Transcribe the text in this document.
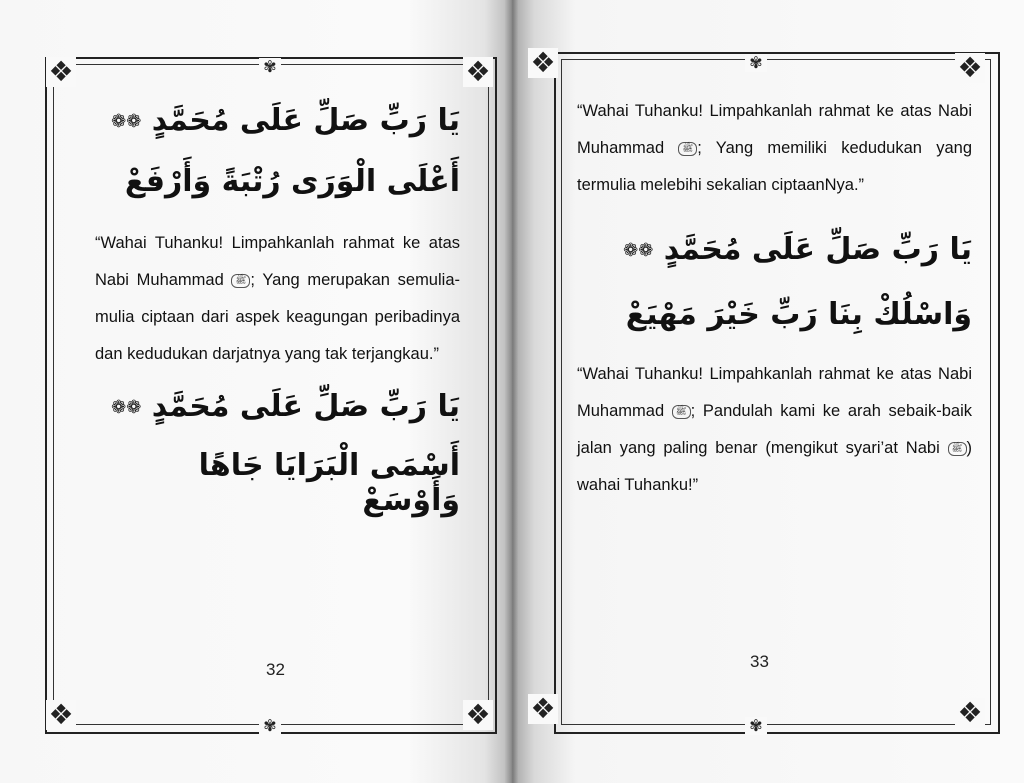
❖	❖
❖	❖
✾
✾

يَا رَبِّ صَلِّ عَلَى مُحَمَّدٍ ❁❁

أَعْلَى الْوَرَى رُتْبَةً وَأَرْفَعْ

“Wahai Tuhanku! Limpahkanlah rahmat ke atas Nabi Muhammad ﷺ ; Yang merupakan semulia-mulia ciptaan dari aspek keagungan peribadinya dan kedudukan darjatnya yang tak terjangkau.”

يَا رَبِّ صَلِّ عَلَى مُحَمَّدٍ ❁❁

أَسْمَى الْبَرَايَا جَاهًا وَأَوْسَعْ

32
❖	❖
❖	❖
✾
✾

“Wahai Tuhanku! Limpahkanlah rahmat ke atas Nabi Muhammad ﷺ ; Yang memiliki kedudukan yang termulia melebihi sekalian ciptaanNya.”

يَا رَبِّ صَلِّ عَلَى مُحَمَّدٍ ❁❁

وَاسْلُكْ بِنَا رَبِّ خَيْرَ مَهْيَعْ

“Wahai Tuhanku! Limpahkanlah rahmat ke atas Nabi Muhammad ﷺ ; Pandulah kami ke arah sebaik-baik jalan yang paling benar (mengikut syari’at Nabi ﷺ ) wahai Tuhanku!”

33
